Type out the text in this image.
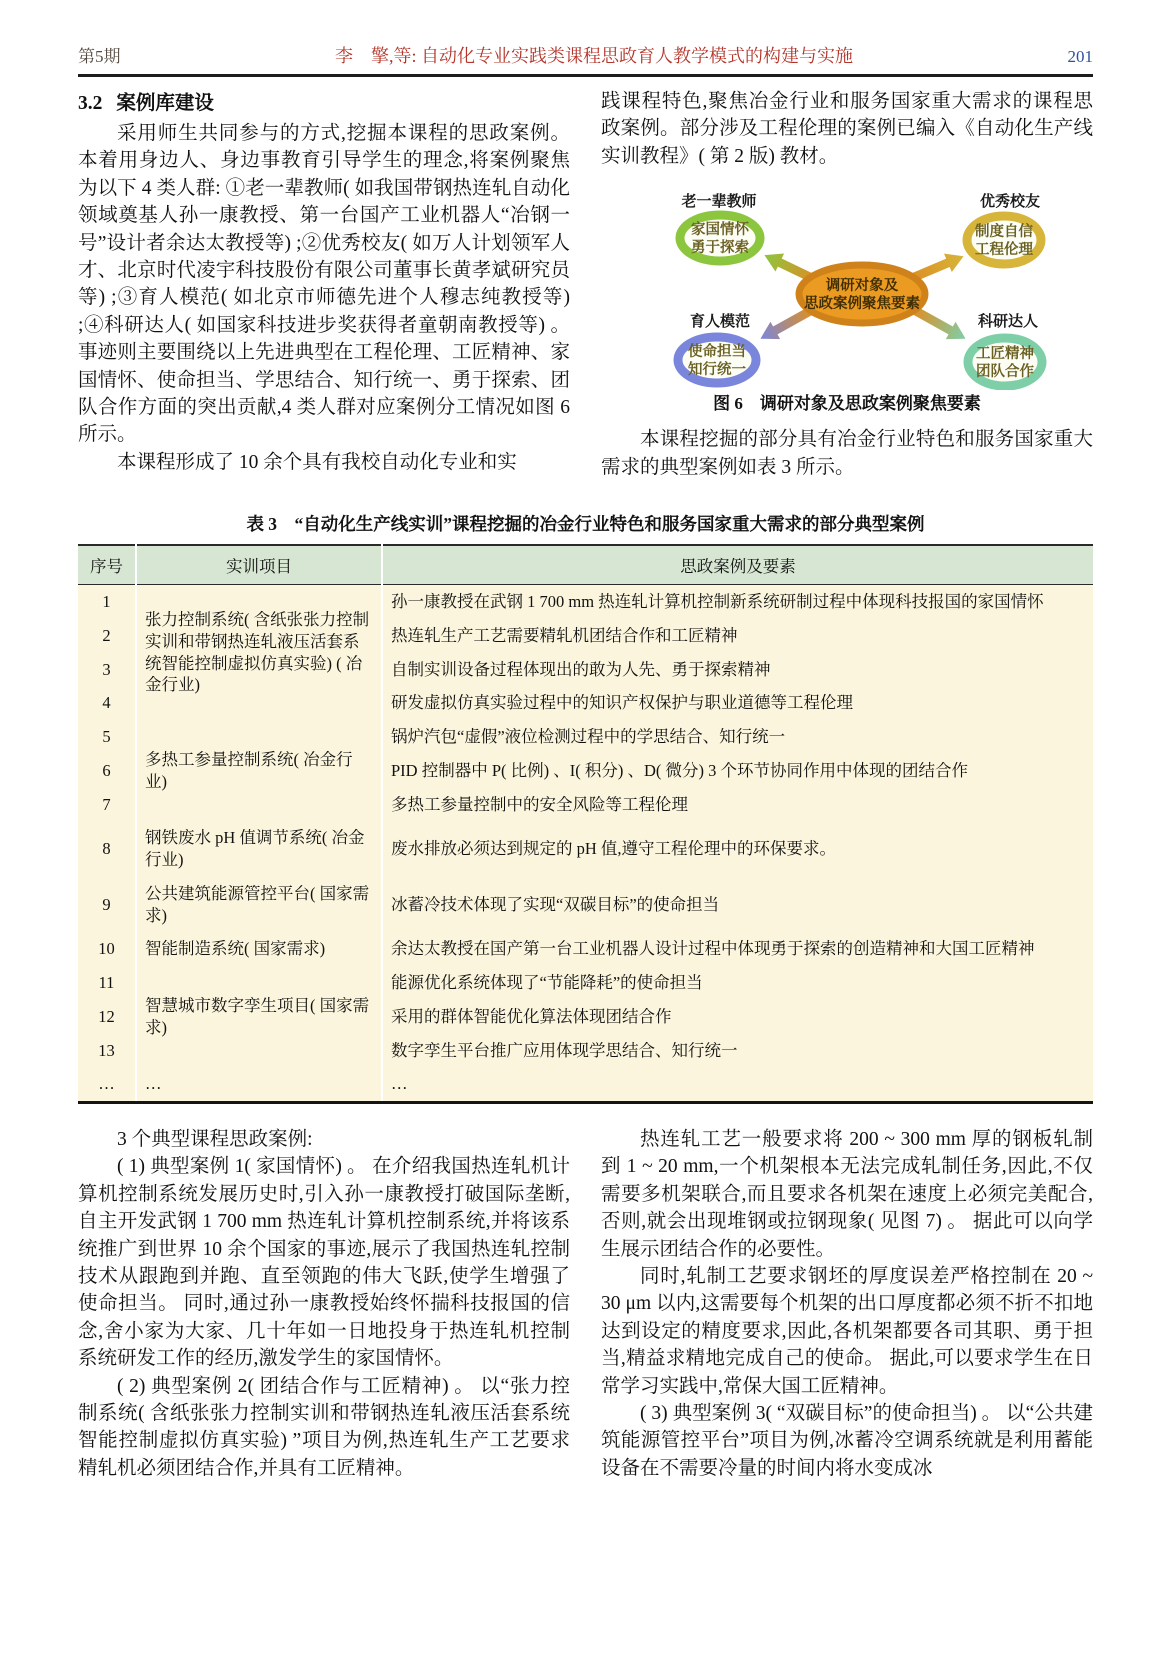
第5期	李　擎,等: 自动化专业实践类课程思政育人教学模式的构建与实施	201
3.2 案例库建设

采用师生共同参与的方式,挖掘本课程的思政案例。本着用身边人、身边事教育引导学生的理念,将案例聚焦为以下 4 类人群: ①老一辈教师( 如我国带钢热连轧自动化领域奠基人孙一康教授、第一台国产工业机器人“冶钢一号”设计者余达太教授等) ;②优秀校友( 如万人计划领军人才、北京时代凌宇科技股份有限公司董事长黄孝斌研究员等) ;③育人模范( 如北京市师德先进个人穆志纯教授等) ;④科研达人( 如国家科技进步奖获得者童朝南教授等) 。事迹则主要围绕以上先进典型在工程伦理、工匠精神、家国情怀、使命担当、学思结合、知行统一、勇于探索、团队合作方面的突出贡献,4 类人群对应案例分工情况如图 6 所示。

本课程形成了 10 余个具有我校自动化专业和实

践课程特色,聚焦冶金行业和服务国家重大需求的课程思政案例。部分涉及工程伦理的案例已编入《自动化生产线实训教程》( 第 2 版) 教材。

老一辈教师	优秀校友
育人模范	科研达人
家国情怀
勇于探索
制度自信
工程伦理
使命担当
知行统一
工匠精神
团队合作
调研对象及
思政案例聚焦要素
图 6　调研对象及思政案例聚焦要素

本课程挖掘的部分具有冶金行业特色和服务国家重大需求的典型案例如表 3 所示。

表 3　“自动化生产线实训”课程挖掘的冶金行业特色和服务国家重大需求的部分典型案例
序号	实训项目	思政案例及要素
1	张力控制系统( 含纸张张力控制实训和带钢热连轧液压活套系统智能控制虚拟仿真实验) ( 冶金行业)	孙一康教授在武钢 1 700 mm 热连轧计算机控制新系统研制过程中体现科技报国的家国情怀
2		热连轧生产工艺需要精轧机团结合作和工匠精神
3		自制实训设备过程体现出的敢为人先、勇于探索精神
4		研发虚拟仿真实验过程中的知识产权保护与职业道德等工程伦理
5	多热工参量控制系统( 冶金行业)	锅炉汽包“虚假”液位检测过程中的学思结合、知行统一
6		PID 控制器中 P( 比例) 、I( 积分) 、D( 微分) 3 个环节协同作用中体现的团结合作
7		多热工参量控制中的安全风险等工程伦理
8	钢铁废水 pH 值调节系统( 冶金行业)	废水排放必须达到规定的 pH 值,遵守工程伦理中的环保要求。
9	公共建筑能源管控平台( 国家需求)	冰蓄冷技术体现了实现“双碳目标”的使命担当
10	智能制造系统( 国家需求)	余达太教授在国产第一台工业机器人设计过程中体现勇于探索的创造精神和大国工匠精神
11	智慧城市数字孪生项目( 国家需求)	能源优化系统体现了“节能降耗”的使命担当
12		采用的群体智能优化算法体现团结合作
13		数字孪生平台推广应用体现学思结合、知行统一
…	…	…

3 个典型课程思政案例:

( 1) 典型案例 1( 家国情怀) 。 在介绍我国热连轧机计算机控制系统发展历史时,引入孙一康教授打破国际垄断,自主开发武钢 1 700 mm 热连轧计算机控制系统,并将该系统推广到世界 10 余个国家的事迹,展示了我国热连轧控制技术从跟跑到并跑、直至领跑的伟大飞跃,使学生增强了使命担当。 同时,通过孙一康教授始终怀揣科技报国的信念,舍小家为大家、几十年如一日地投身于热连轧机控制系统研发工作的经历,激发学生的家国情怀。

( 2) 典型案例 2( 团结合作与工匠精神) 。 以“张力控制系统( 含纸张张力控制实训和带钢热连轧液压活套系统智能控制虚拟仿真实验) ”项目为例,热连轧生产工艺要求精轧机必须团结合作,并具有工匠精神。

热连轧工艺一般要求将 200 ~ 300 mm 厚的钢板轧制到 1 ~ 20 mm,一个机架根本无法完成轧制任务,因此,不仅需要多机架联合,而且要求各机架在速度上必须完美配合,否则,就会出现堆钢或拉钢现象( 见图 7) 。 据此可以向学生展示团结合作的必要性。

同时,轧制工艺要求钢坯的厚度误差严格控制在 20 ~ 30 μm 以内,这需要每个机架的出口厚度都必须不折不扣地达到设定的精度要求,因此,各机架都要各司其职、勇于担当,精益求精地完成自己的使命。 据此,可以要求学生在日常学习实践中,常保大国工匠精神。

( 3) 典型案例 3( “双碳目标”的使命担当) 。 以“公共建筑能源管控平台”项目为例,冰蓄冷空调系统就是利用蓄能设备在不需要冷量的时间内将水变成冰
